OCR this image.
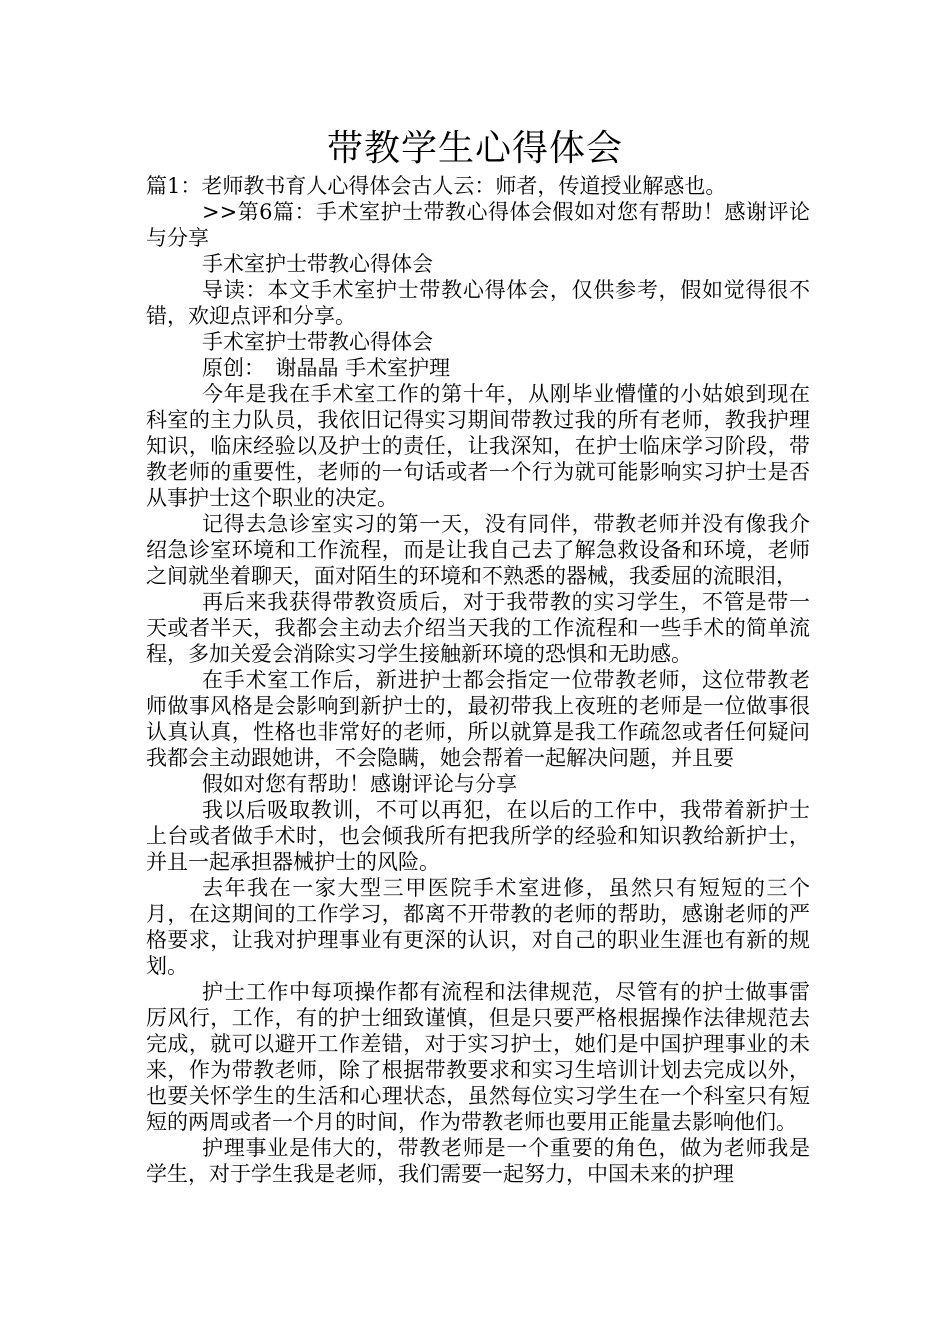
带教学生心得体会

篇1：老师教书育人心得体会古人云：师者，传道授业解惑也。

>>第6篇：手术室护士带教心得体会假如对您有帮助！感谢评论与分享

手术室护士带教心得体会

导读：本文手术室护士带教心得体会，仅供参考，假如觉得很不错，欢迎点评和分享。

手术室护士带教心得体会

原创：　谢晶晶 手术室护理

今年是我在手术室工作的第十年，从刚毕业懵懂的小姑娘到现在科室的主力队员，我依旧记得实习期间带教过我的所有老师，教我护理知识，临床经验以及护士的责任，让我深知，在护士临床学习阶段，带教老师的重要性，老师的一句话或者一个行为就可能影响实习护士是否从事护士这个职业的决定。

记得去急诊室实习的第一天，没有同伴，带教老师并没有像我介绍急诊室环境和工作流程，而是让我自己去了解急救设备和环境，老师之间就坐着聊天，面对陌生的环境和不熟悉的器械，我委屈的流眼泪，

再后来我获得带教资质后，对于我带教的实习学生，不管是带一天或者半天，我都会主动去介绍当天我的工作流程和一些手术的简单流程，多加关爱会消除实习学生接触新环境的恐惧和无助感。

在手术室工作后，新进护士都会指定一位带教老师，这位带教老师做事风格是会影响到新护士的，最初带我上夜班的老师是一位做事很认真认真，性格也非常好的老师，所以就算是我工作疏忽或者任何疑问我都会主动跟她讲，不会隐瞒，她会帮着一起解决问题，并且要

假如对您有帮助！感谢评论与分享

我以后吸取教训，不可以再犯，在以后的工作中，我带着新护士上台或者做手术时，也会倾我所有把我所学的经验和知识教给新护士，并且一起承担器械护士的风险。

去年我在一家大型三甲医院手术室进修，虽然只有短短的三个月，在这期间的工作学习，都离不开带教的老师的帮助，感谢老师的严格要求，让我对护理事业有更深的认识，对自己的职业生涯也有新的规划。

护士工作中每项操作都有流程和法律规范，尽管有的护士做事雷厉风行，工作，有的护士细致谨慎，但是只要严格根据操作法律规范去完成，就可以避开工作差错，对于实习护士，她们是中国护理事业的未来，作为带教老师，除了根据带教要求和实习生培训计划去完成以外，也要关怀学生的生活和心理状态，虽然每位实习学生在一个科室只有短短的两周或者一个月的时间，作为带教老师也要用正能量去影响他们。

护理事业是伟大的，带教老师是一个重要的角色，做为老师我是学生，对于学生我是老师，我们需要一起努力，中国未来的护理
